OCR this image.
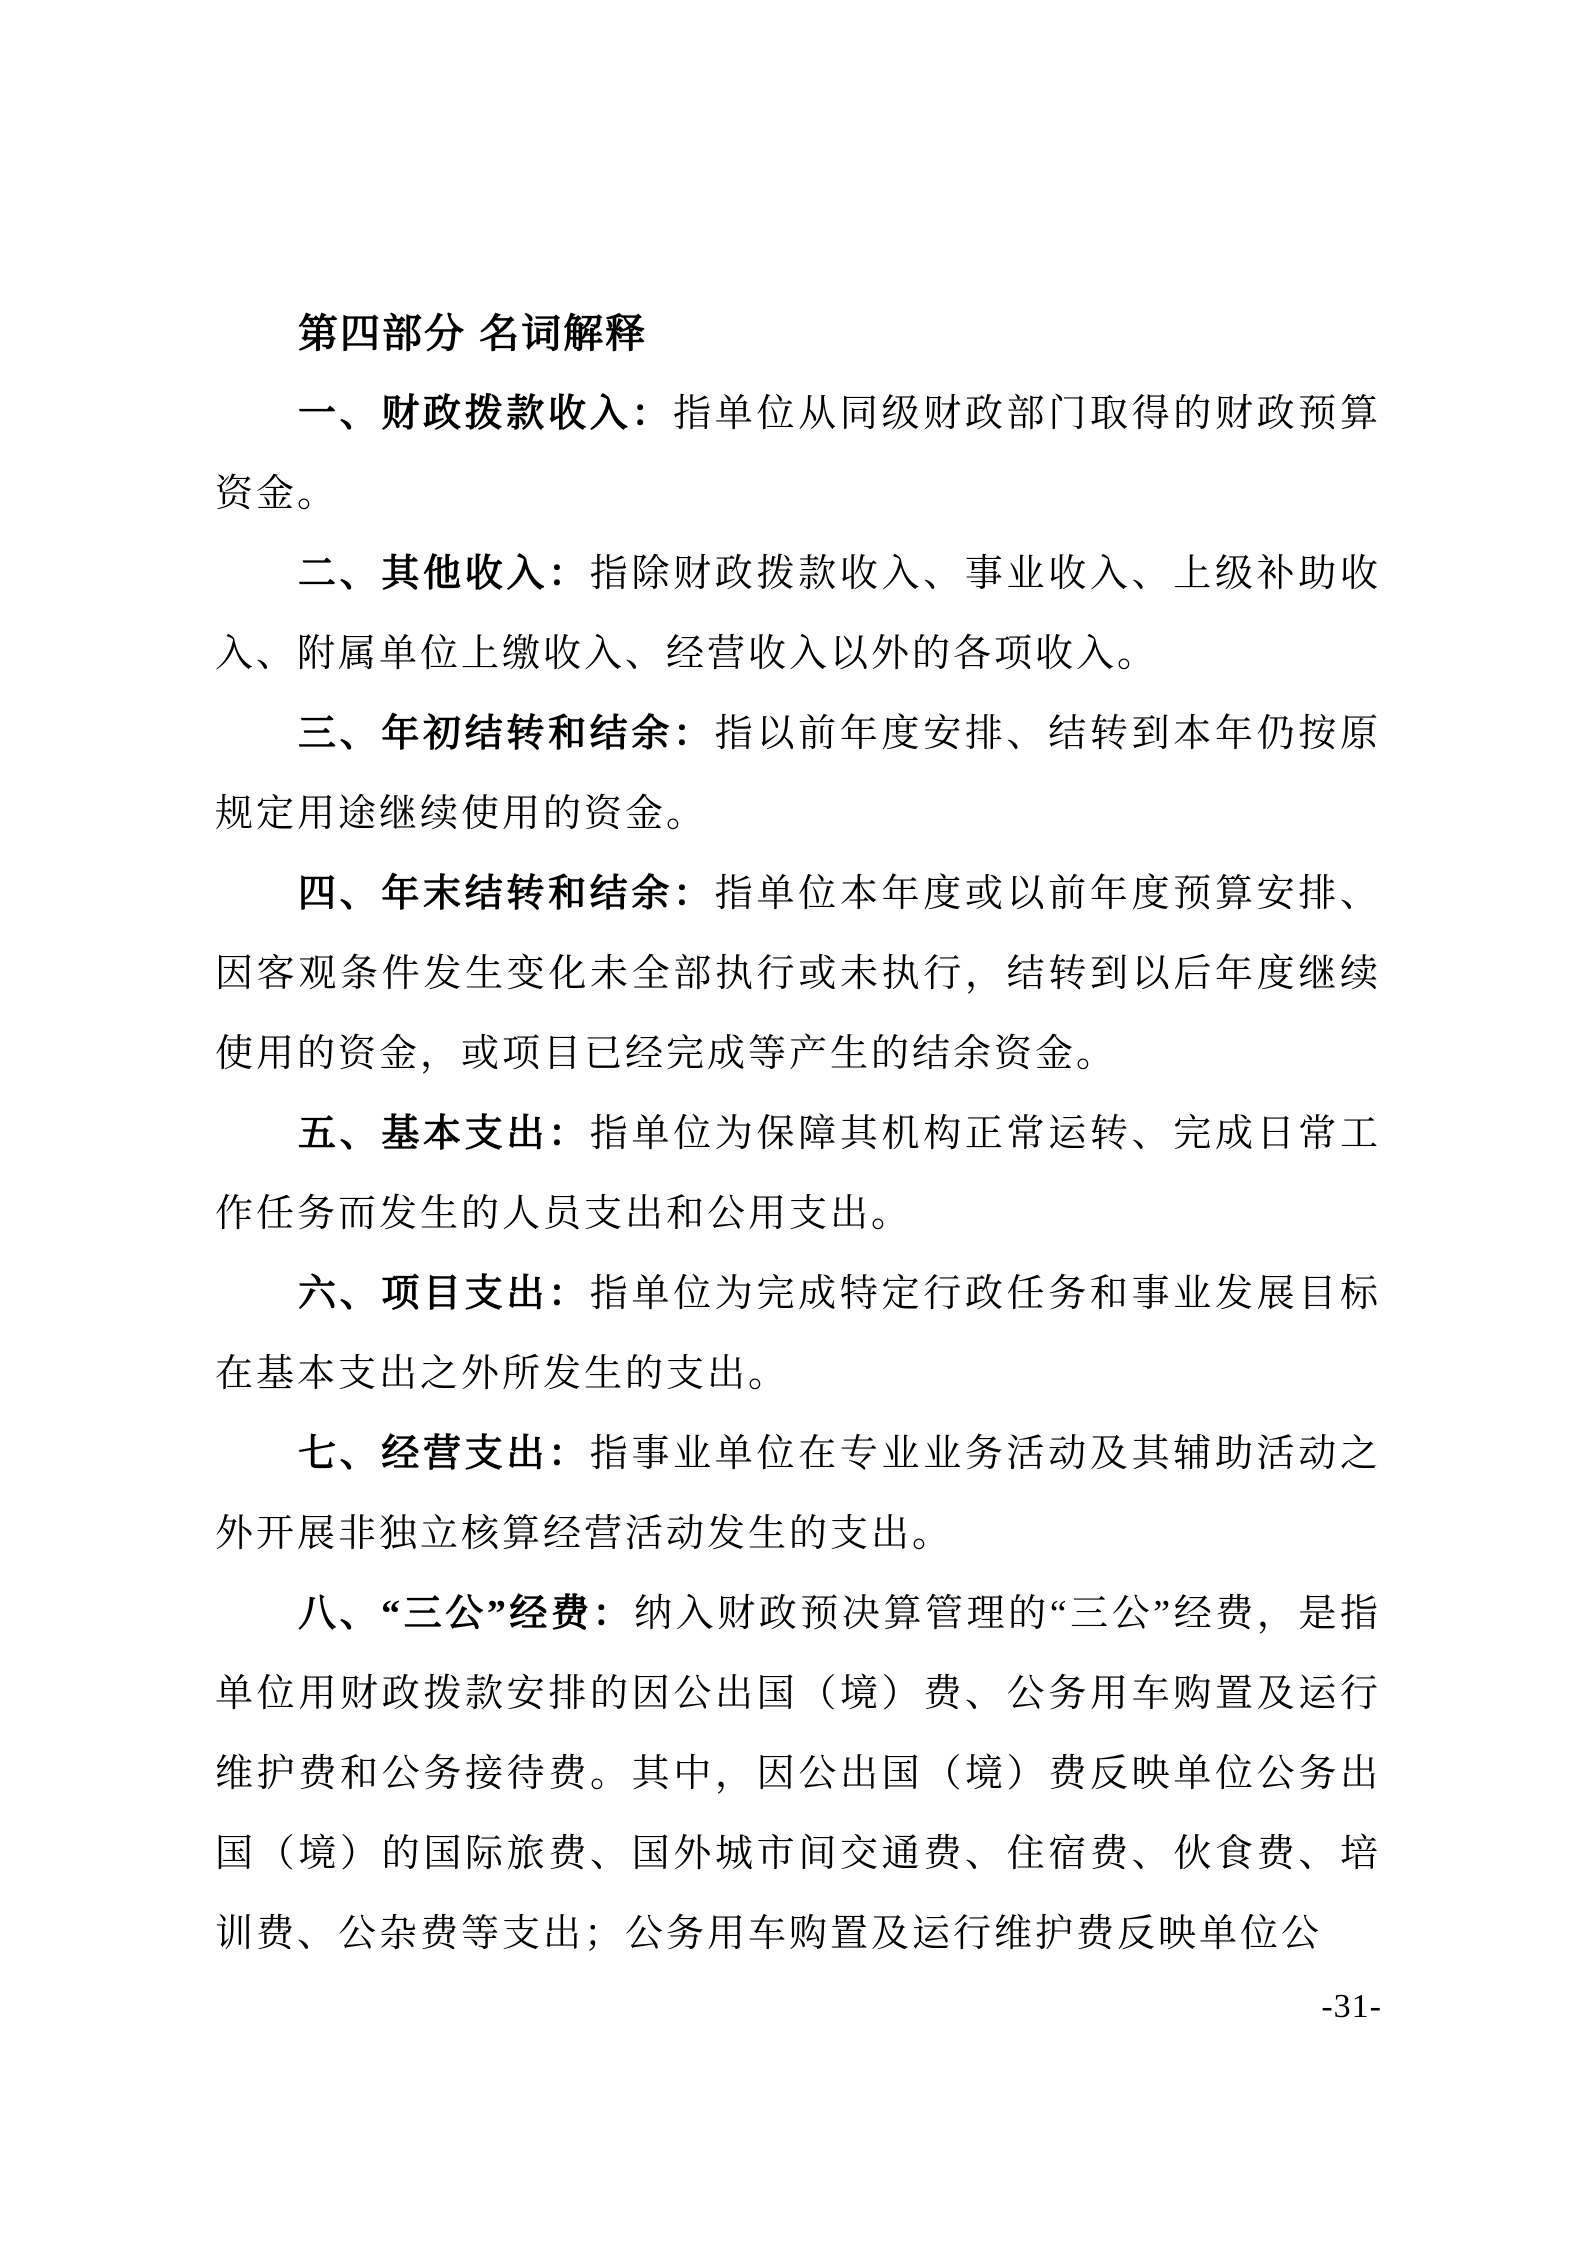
第四部分 名词解释

一、财政拨款收入：指单位从同级财政部门取得的财政预算资金。

二、其他收入：指除财政拨款收入、事业收入、上级补助收入、附属单位上缴收入、经营收入以外的各项收入。

三、年初结转和结余：指以前年度安排、结转到本年仍按原规定用途继续使用的资金。

四、年末结转和结余：指单位本年度或以前年度预算安排、因客观条件发生变化未全部执行或未执行，结转到以后年度继续使用的资金，或项目已经完成等产生的结余资金。

五、基本支出：指单位为保障其机构正常运转、完成日常工作任务而发生的人员支出和公用支出。

六、项目支出：指单位为完成特定行政任务和事业发展目标在基本支出之外所发生的支出。

七、经营支出：指事业单位在专业业务活动及其辅助活动之外开展非独立核算经营活动发生的支出。

八、“三公”经费：纳入财政预决算管理的“三公”经费，是指单位用财政拨款安排的因公出国（境）费、公务用车购置及运行维护费和公务接待费。其中，因公出国（境）费反映单位公务出国（境）的国际旅费、国外城市间交通费、住宿费、伙食费、培训费、公杂费等支出；公务用车购置及运行维护费反映单位公

-31-
